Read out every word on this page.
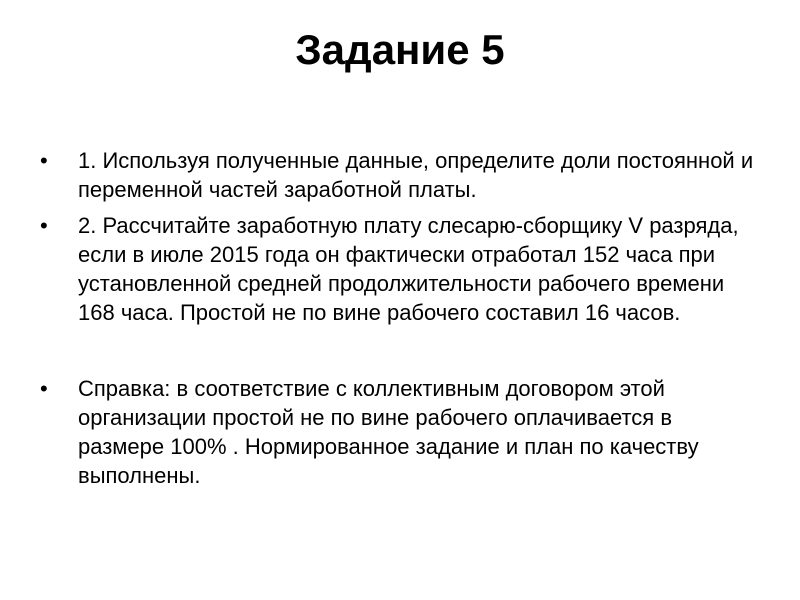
Задание 5
•	1. Используя полученные данные, определите доли постоянной и переменной частей заработной платы.
•	2. Рассчитайте заработную плату слесарю-сборщику V разряда, если в июле 2015 года он фактически отработал 152 часа при установленной средней продолжительности рабочего времени 168 часа. Простой не по вине рабочего составил 16 часов.
•	Справка: в соответствие с коллективным договором этой организации простой не по вине рабочего оплачивается в размере 100% . Нормированное задание и план по качеству выполнены.
